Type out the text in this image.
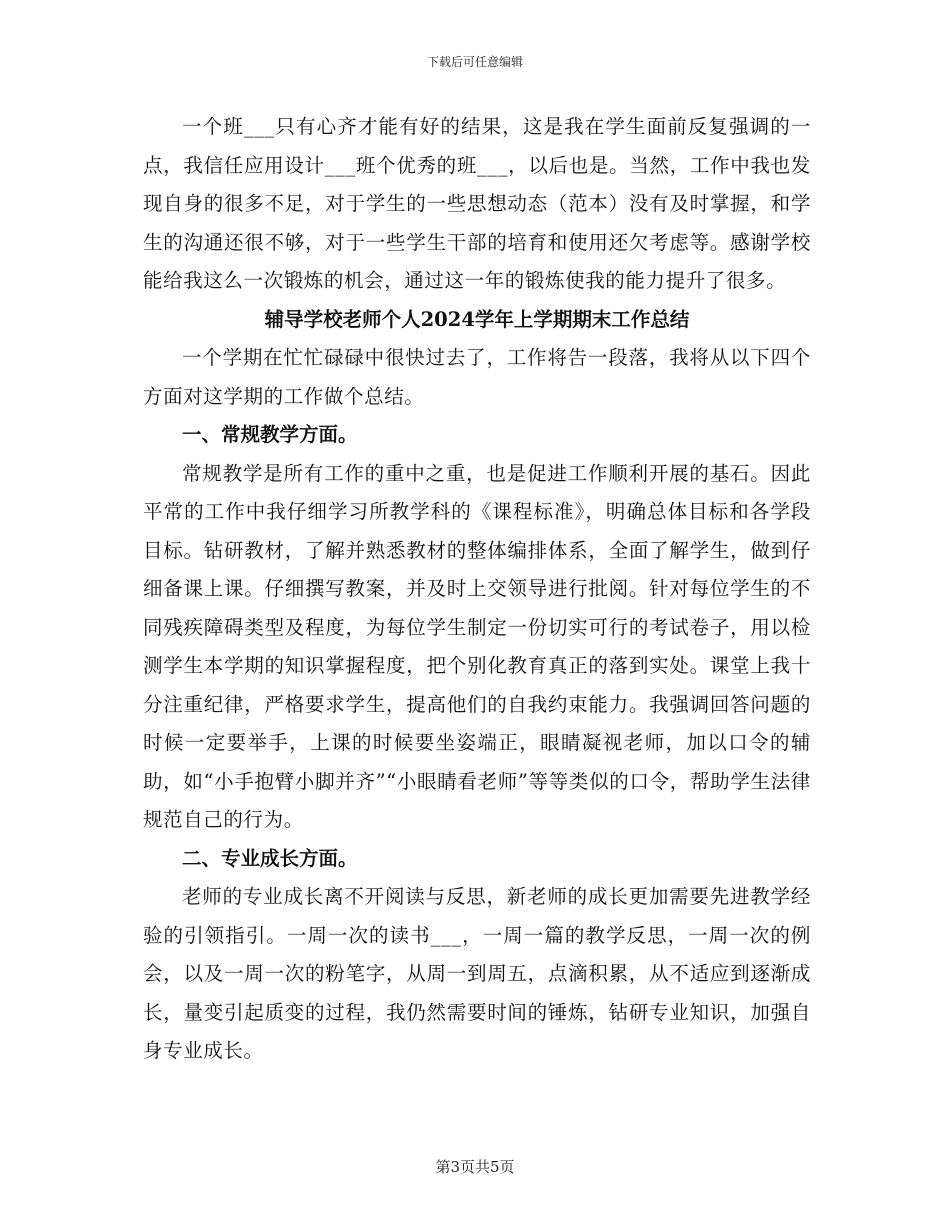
下载后可任意编辑

一个班___只有心齐才能有好的结果，这是我在学生面前反复强调的一点，我信任应用设计___班个优秀的班___，以后也是。当然，工作中我也发现自身的很多不足，对于学生的一些思想动态（范本）没有及时掌握，和学生的沟通还很不够，对于一些学生干部的培育和使用还欠考虑等。感谢学校能给我这么一次锻炼的机会，通过这一年的锻炼使我的能力提升了很多。

辅导学校老师个人2024学年上学期期末工作总结

一个学期在忙忙碌碌中很快过去了，工作将告一段落，我将从以下四个方面对这学期的工作做个总结。

一、常规教学方面。

常规教学是所有工作的重中之重，也是促进工作顺利开展的基石。因此平常的工作中我仔细学习所教学科的《课程标准》，明确总体目标和各学段目标。钻研教材，了解并熟悉教材的整体编排体系，全面了解学生，做到仔细备课上课。仔细撰写教案，并及时上交领导进行批阅。针对每位学生的不同残疾障碍类型及程度，为每位学生制定一份切实可行的考试卷子，用以检测学生本学期的知识掌握程度，把个别化教育真正的落到实处。课堂上我十分注重纪律，严格要求学生，提高他们的自我约束能力。我强调回答问题的时候一定要举手，上课的时候要坐姿端正，眼睛凝视老师，加以口令的辅助，如“小手抱臂小脚并齐”“小眼睛看老师”等等类似的口令，帮助学生法律规范自己的行为。

二、专业成长方面。

老师的专业成长离不开阅读与反思，新老师的成长更加需要先进教学经验的引领指引。一周一次的读书___，一周一篇的教学反思，一周一次的例会，以及一周一次的粉笔字，从周一到周五，点滴积累，从不适应到逐渐成长，量变引起质变的过程，我仍然需要时间的锤炼，钻研专业知识，加强自身专业成长。

第3页共5页
